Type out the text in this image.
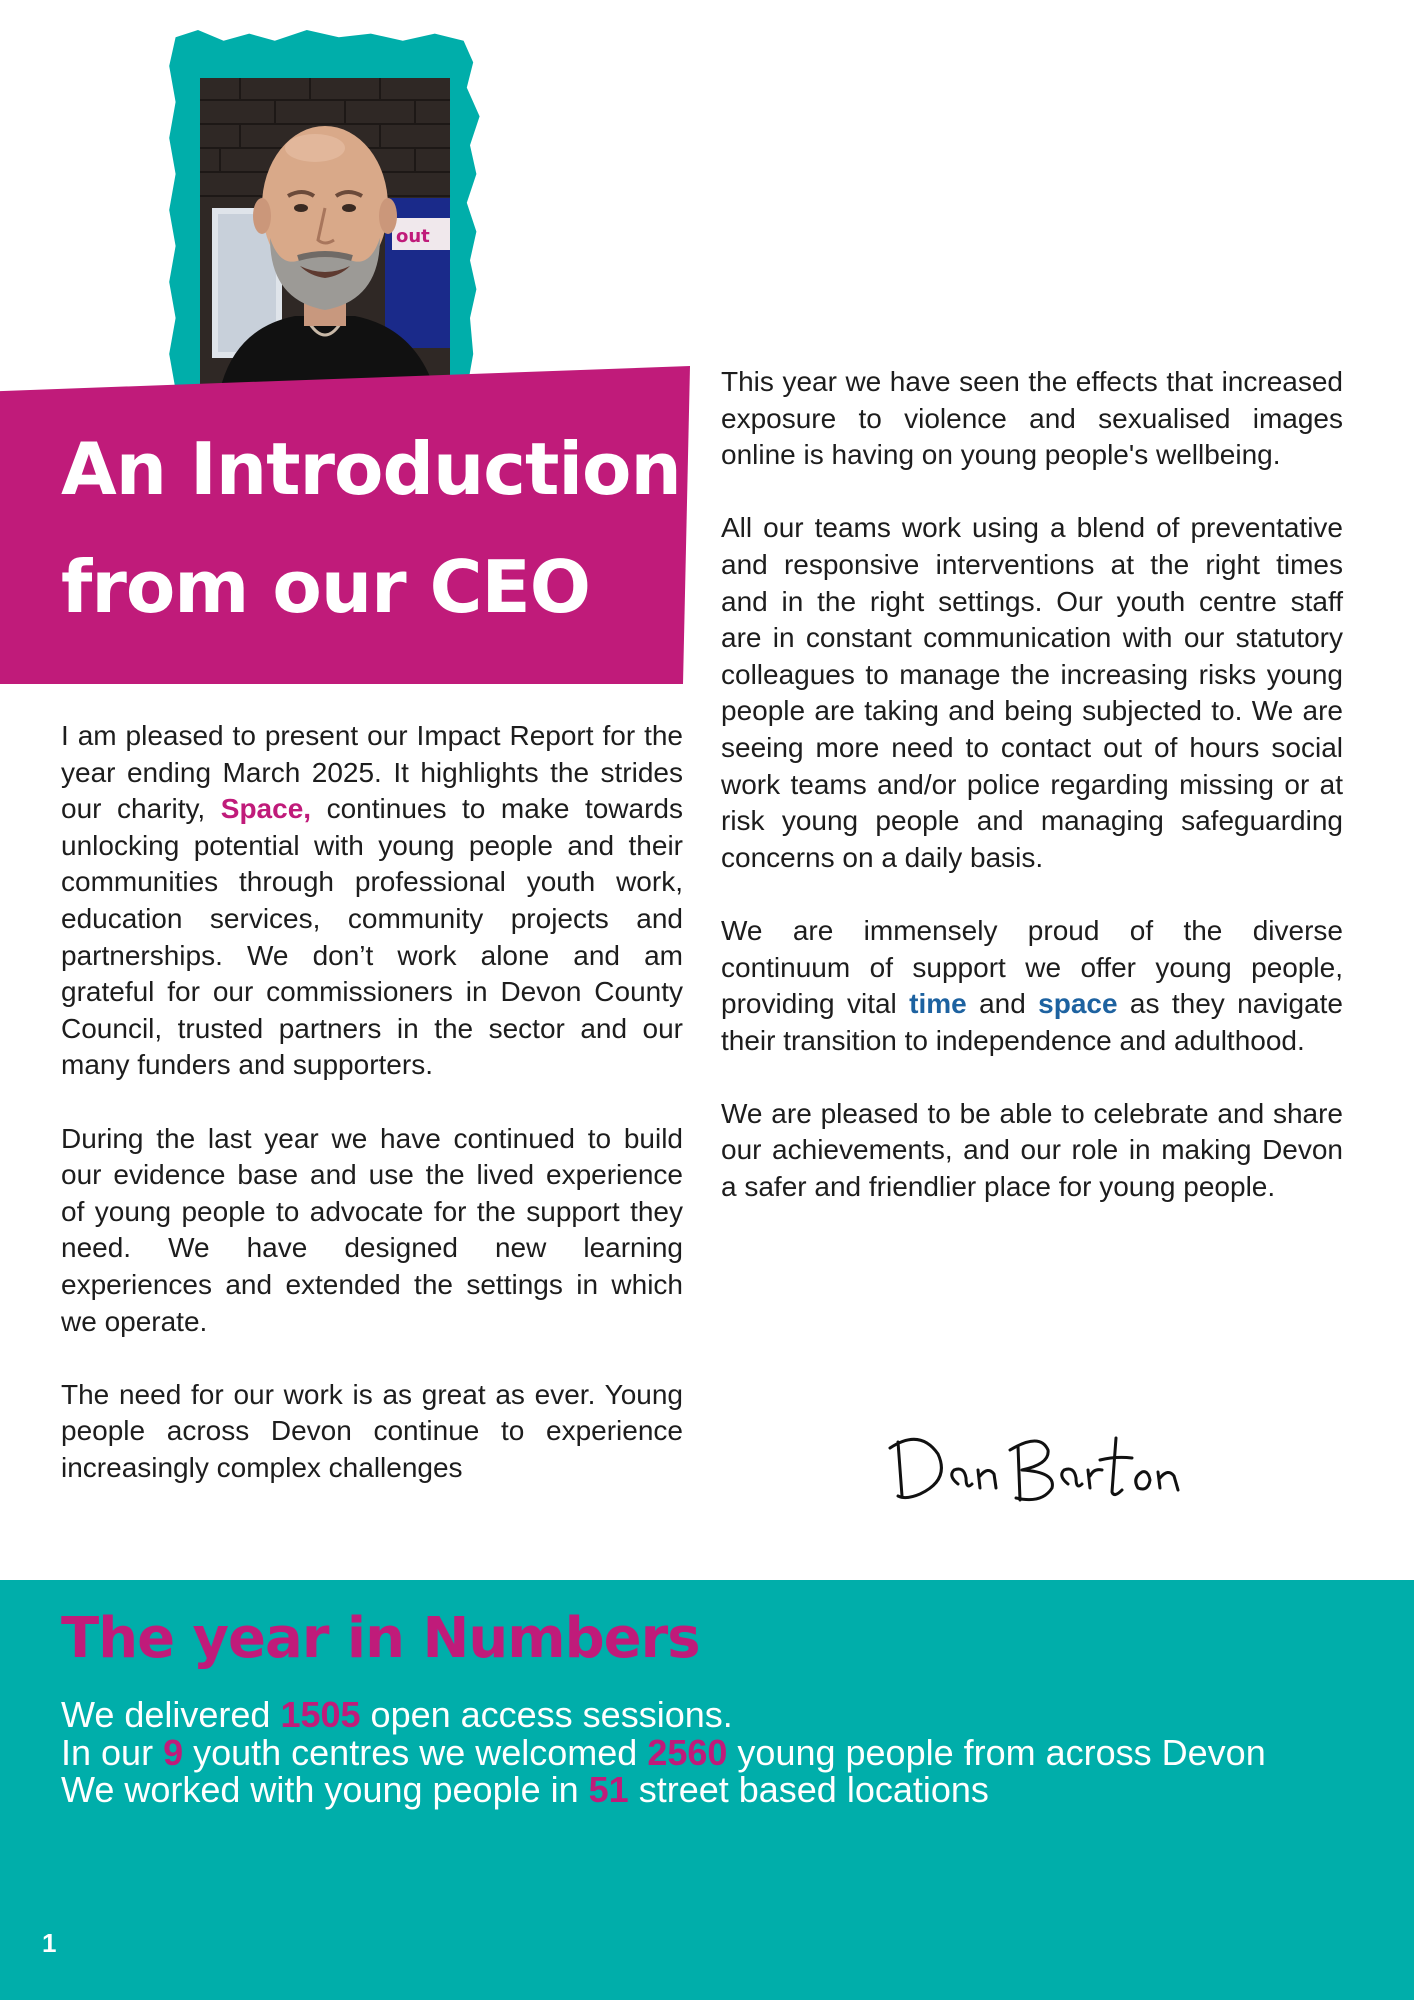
out
An Introduction
from our CEO

I am pleased to present our Impact Report for the year ending March 2025. It highlights the strides our charity, Space, continues to make towards unlocking potential with young people and their communities through professional youth work, education services, community projects and partnerships. We don’t work alone and am grateful for our commissioners in Devon County Council, trusted partners in the sector and our many funders and supporters.

During the last year we have continued to build our evidence base and use the lived experience of young people to advocate for the support they need. We have designed new learning experiences and extended the settings in which we operate.

The need for our work is as great as ever. Young people across Devon continue to experience increasingly complex challenges

This year we have seen the effects that increased exposure to violence and sexualised images online is having on young people's wellbeing.

All our teams work using a blend of preventative and responsive interventions at the right times and in the right settings. Our youth centre staff are in constant communication with our statutory colleagues to manage the increasing risks young people are taking and being subjected to. We are seeing more need to contact out of hours social work teams and/or police regarding missing or at risk young people and managing safeguarding concerns on a daily basis.

We are immensely proud of the diverse continuum of support we offer young people, providing vital time and space as they navigate their transition to independence and adulthood.

We are pleased to be able to celebrate and share our achievements, and our role in making Devon a safer and friendlier place for young people.

The year in Numbers
We delivered 1505 open access sessions.
In our 9 youth centres we welcomed 2560 young people from across Devon
We worked with young people in 51 street based locations
1
